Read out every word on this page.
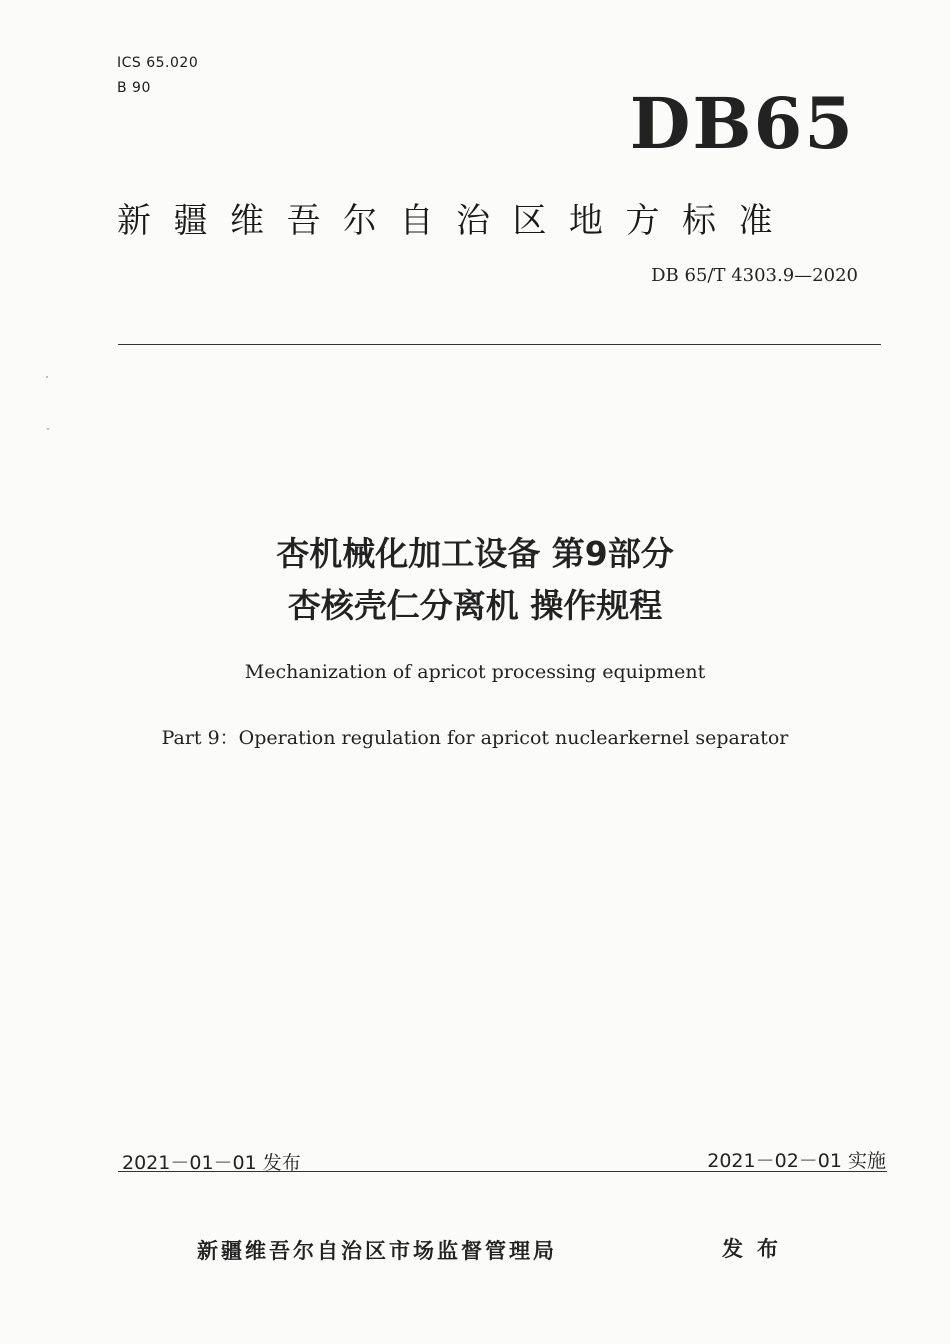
ICS 65.020
B 90	DB65
新疆维吾尔自治区地方标准
DB 65/T 4303.9—2020
杏机械化加工设备 第9部分
杏核壳仁分离机 操作规程
Mechanization of apricot processing equipment
Part 9：Operation regulation for apricot nuclearkernel separator
2021－01－01 发布	2021－02－01 实施
新疆维吾尔自治区市场监督管理局	发布
